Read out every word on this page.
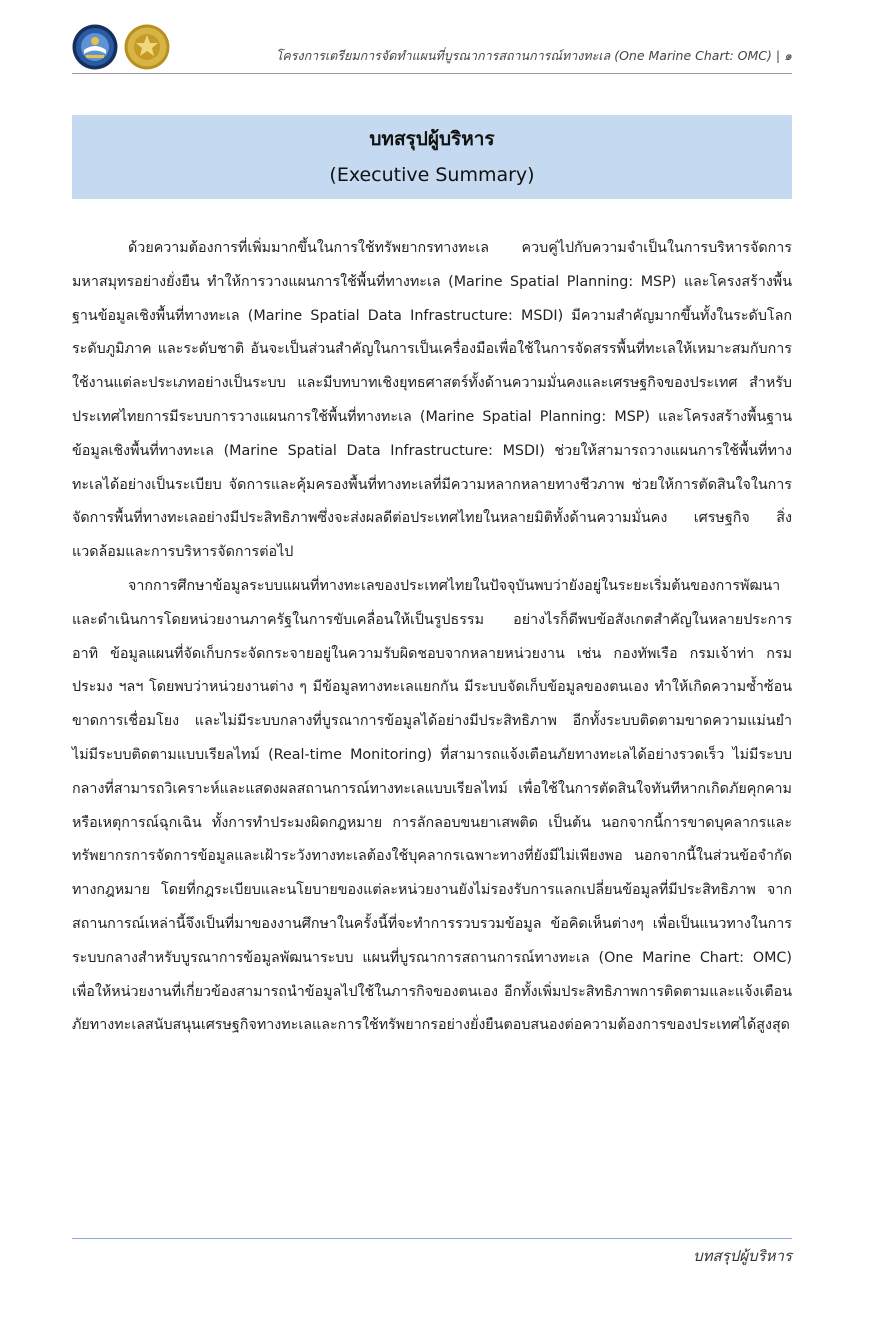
โครงการเตรียมการจัดทำแผนที่บูรณาการสถานการณ์ทางทะเล (One Marine Chart: OMC) | ๑
บทสรุปผู้บริหาร
(Executive Summary)

ด้วยความต้องการที่เพิ่มมากขึ้นในการใช้ทรัพยากรทางทะเล ควบคู่ไปกับความจำเป็นในการบริหารจัดการมหาสมุทรอย่างยั่งยืน ทำให้การวางแผนการใช้พื้นที่ทางทะเล (Marine Spatial Planning: MSP) และโครงสร้างพื้นฐานข้อมูลเชิงพื้นที่ทางทะเล (Marine Spatial Data Infrastructure: MSDI) มีความสำคัญมากขึ้นทั้งในระดับโลก ระดับภูมิภาค และระดับชาติ อันจะเป็นส่วนสำคัญในการเป็นเครื่องมือเพื่อใช้ในการจัดสรรพื้นที่ทะเลให้เหมาะสมกับการใช้งานแต่ละประเภทอย่างเป็นระบบ และมีบทบาทเชิงยุทธศาสตร์ทั้งด้านความมั่นคงและเศรษฐกิจของประเทศ สำหรับประเทศไทยการมีระบบการวางแผนการใช้พื้นที่ทางทะเล (Marine Spatial Planning: MSP) และโครงสร้างพื้นฐานข้อมูลเชิงพื้นที่ทางทะเล (Marine Spatial Data Infrastructure: MSDI) ช่วยให้สามารถวางแผนการใช้พื้นที่ทางทะเลได้อย่างเป็นระเบียบ จัดการและคุ้มครองพื้นที่ทางทะเลที่มีความหลากหลายทางชีวภาพ ช่วยให้การตัดสินใจในการจัดการพื้นที่ทางทะเลอย่างมีประสิทธิภาพซึ่งจะส่งผลดีต่อประเทศไทยในหลายมิติทั้งด้านความมั่นคง เศรษฐกิจ สิ่งแวดล้อมและการบริหารจัดการต่อไป

จากการศึกษาข้อมูลระบบแผนที่ทางทะเลของประเทศไทยในปัจจุบันพบว่ายังอยู่ในระยะเริ่มต้นของการพัฒนาและดำเนินการโดยหน่วยงานภาครัฐในการขับเคลื่อนให้เป็นรูปธรรม อย่างไรก็ดีพบข้อสังเกตสำคัญในหลายประการ อาทิ ข้อมูลแผนที่จัดเก็บกระจัดกระจายอยู่ในความรับผิดชอบจากหลายหน่วยงาน เช่น กองทัพเรือ กรมเจ้าท่า กรมประมง ฯลฯ โดยพบว่าหน่วยงานต่าง ๆ มีข้อมูลทางทะเลแยกกัน มีระบบจัดเก็บข้อมูลของตนเอง ทำให้เกิดความซ้ำซ้อน ขาดการเชื่อมโยง และไม่มีระบบกลางที่บูรณาการข้อมูลได้อย่างมีประสิทธิภาพ อีกทั้งระบบติดตามขาดความแม่นยำ ไม่มีระบบติดตามแบบเรียลไทม์ (Real-time Monitoring) ที่สามารถแจ้งเตือนภัยทางทะเลได้อย่างรวดเร็ว ไม่มีระบบกลางที่สามารถวิเคราะห์และแสดงผลสถานการณ์ทางทะเลแบบเรียลไทม์ เพื่อใช้ในการตัดสินใจทันทีหากเกิดภัยคุกคามหรือเหตุการณ์ฉุกเฉิน ทั้งการทำประมงผิดกฎหมาย การลักลอบขนยาเสพติด เป็นต้น นอกจากนี้การขาดบุคลากรและทรัพยากรการจัดการข้อมูลและเฝ้าระวังทางทะเลต้องใช้บุคลากรเฉพาะทางที่ยังมีไม่เพียงพอ นอกจากนี้ในส่วนข้อจำกัดทางกฎหมาย โดยที่กฎระเบียบและนโยบายของแต่ละหน่วยงานยังไม่รองรับการแลกเปลี่ยนข้อมูลที่มีประสิทธิภาพ จากสถานการณ์เหล่านี้จึงเป็นที่มาของงานศึกษาในครั้งนี้ที่จะทำการรวบรวมข้อมูล ข้อคิดเห็นต่างๆ เพื่อเป็นแนวทางในการระบบกลางสำหรับบูรณาการข้อมูลพัฒนาระบบ แผนที่บูรณาการสถานการณ์ทางทะเล (One Marine Chart: OMC) เพื่อให้หน่วยงานที่เกี่ยวข้องสามารถนำข้อมูลไปใช้ในภารกิจของตนเอง อีกทั้งเพิ่มประสิทธิภาพการติดตามและแจ้งเตือนภัยทางทะเลสนับสนุนเศรษฐกิจทางทะเลและการใช้ทรัพยากรอย่างยั่งยืนตอบสนองต่อความต้องการของประเทศได้สูงสุด

บทสรุปผู้บริหาร
